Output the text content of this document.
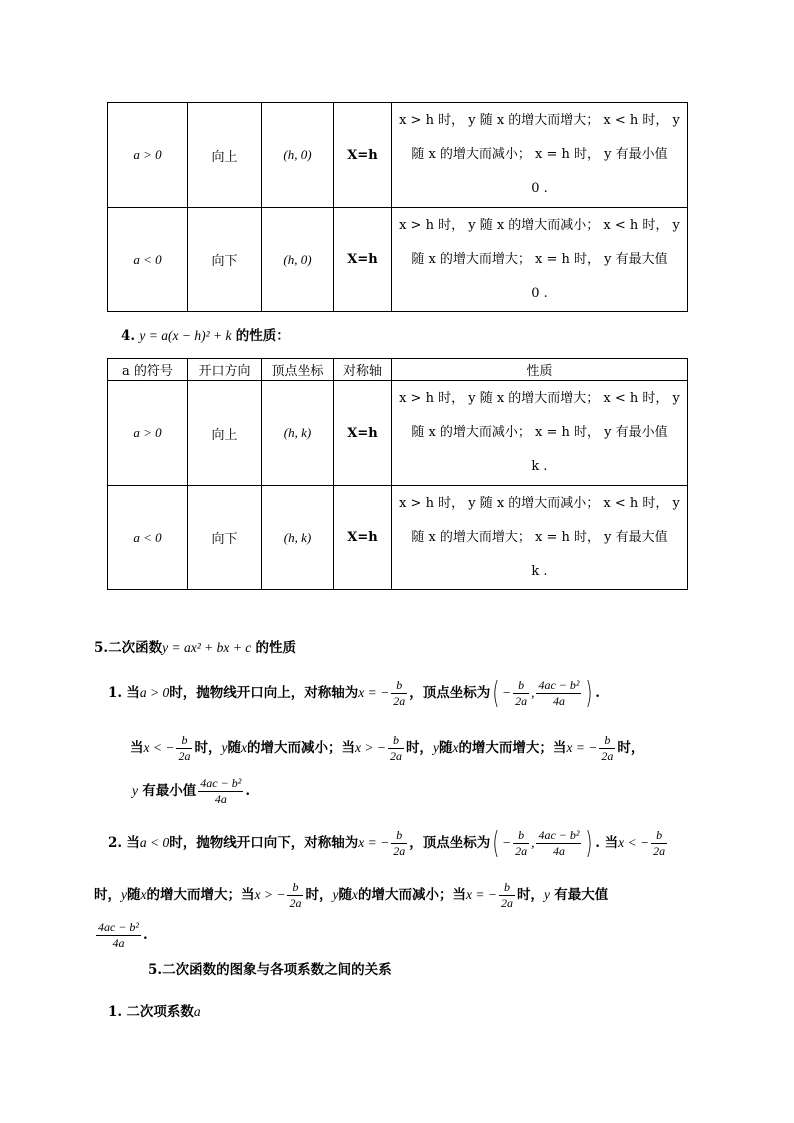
a > 0	向上	(h, 0)	X=h	x > h 时， y 随 x 的增大而增大； x < h 时， y
随 x 的增大而减小； x = h 时， y 有最小值
0 .

a < 0	向下	(h, 0)	X=h	x > h 时， y 随 x 的增大而减小； x < h 时， y
随 x 的增大而增大； x = h 时， y 有最大值
0 .
4. y = a(x − h)² + k 的性质：
a 的符号	开口方向	顶点坐标	对称轴	性质
a > 0	向上	(h, k)	X=h	x > h 时， y 随 x 的增大而增大； x < h 时， y
随 x 的增大而减小； x = h 时， y 有最小值
k .

a < 0	向下	(h, k)	X=h	x > h 时， y 随 x 的增大而减小； x < h 时， y
随 x 的增大而增大； x = h 时， y 有最大值
k .
5.二次函数y = ax² + bx + c 的性质
1. 当a > 0时，抛物线开口向上，对称轴为x = − $\frac{b}{2a}$ ，顶点坐标为( − $\frac{b}{2a}$ , $\frac{\text{4ac − b²}}{4a}$ ) .
当x < − $\frac{b}{2a}$ 时，y随x的增大而减小；当x > − $\frac{b}{2a}$ 时，y随x的增大而增大；当x = − $\frac{b}{2a}$ 时，
y 有最小值 $\frac{\text{4ac − b²}}{4a}$ .
2. 当a < 0时，抛物线开口向下，对称轴为x = − $\frac{b}{2a}$ ，顶点坐标为( − $\frac{b}{2a}$ , $\frac{\text{4ac − b²}}{4a}$ ) . 当x < − $\frac{b}{2a}$
时，y随x的增大而增大；当x > − $\frac{b}{2a}$ 时，y随x的增大而减小；当x = − $\frac{b}{2a}$ 时，y 有最大值
$\frac{\text{4ac − b²}}{4a}$ .
5.二次函数的图象与各项系数之间的关系
1. 二次项系数a
